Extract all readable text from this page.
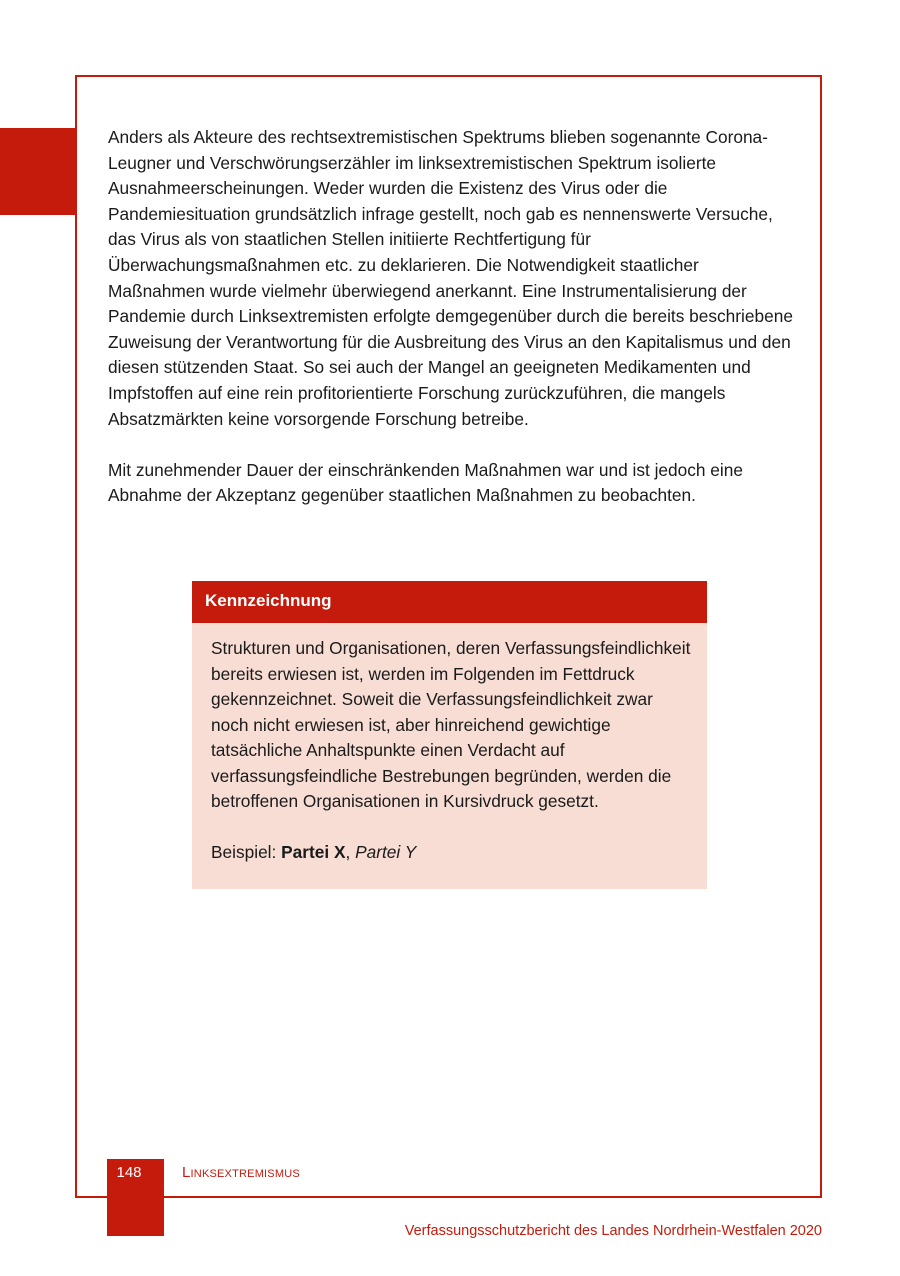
Anders als Akteure des rechtsextremistischen Spektrums blieben sogenannte Corona-Leugner und Verschwörungserzähler im linksextremistischen Spektrum isolierte Ausnahmeerscheinungen. Weder wurden die Existenz des Virus oder die Pandemiesituation grundsätzlich infrage gestellt, noch gab es nennenswerte Versuche, das Virus als von staatlichen Stellen initiierte Rechtfertigung für Überwachungsmaßnahmen etc. zu deklarieren. Die Notwendigkeit staatlicher Maßnahmen wurde vielmehr überwiegend anerkannt. Eine Instrumentalisierung der Pandemie durch Linksextremisten erfolgte demgegenüber durch die bereits beschriebene Zuweisung der Verantwortung für die Ausbreitung des Virus an den Kapitalismus und den diesen stützenden Staat. So sei auch der Mangel an geeigneten Medikamenten und Impfstoffen auf eine rein profitorientierte Forschung zurückzuführen, die mangels Absatzmärkten keine vorsorgende Forschung betreibe.

Mit zunehmender Dauer der einschränkenden Maßnahmen war und ist jedoch eine Abnahme der Akzeptanz gegenüber staatlichen Maßnahmen zu beobachten.

Kennzeichnung

Strukturen und Organisationen, deren Verfassungsfeindlichkeit bereits erwiesen ist, werden im Folgenden im Fettdruck gekennzeichnet. Soweit die Verfassungsfeindlichkeit zwar noch nicht erwiesen ist, aber hinreichend gewichtige tatsächliche Anhaltspunkte einen Verdacht auf verfassungsfeindliche Bestrebungen begründen, werden die betroffenen Organisationen in Kursivdruck gesetzt.

Beispiel: Partei X, Partei Y

148	Linksextremismus
Verfassungsschutzbericht des Landes Nordrhein-Westfalen 2020
